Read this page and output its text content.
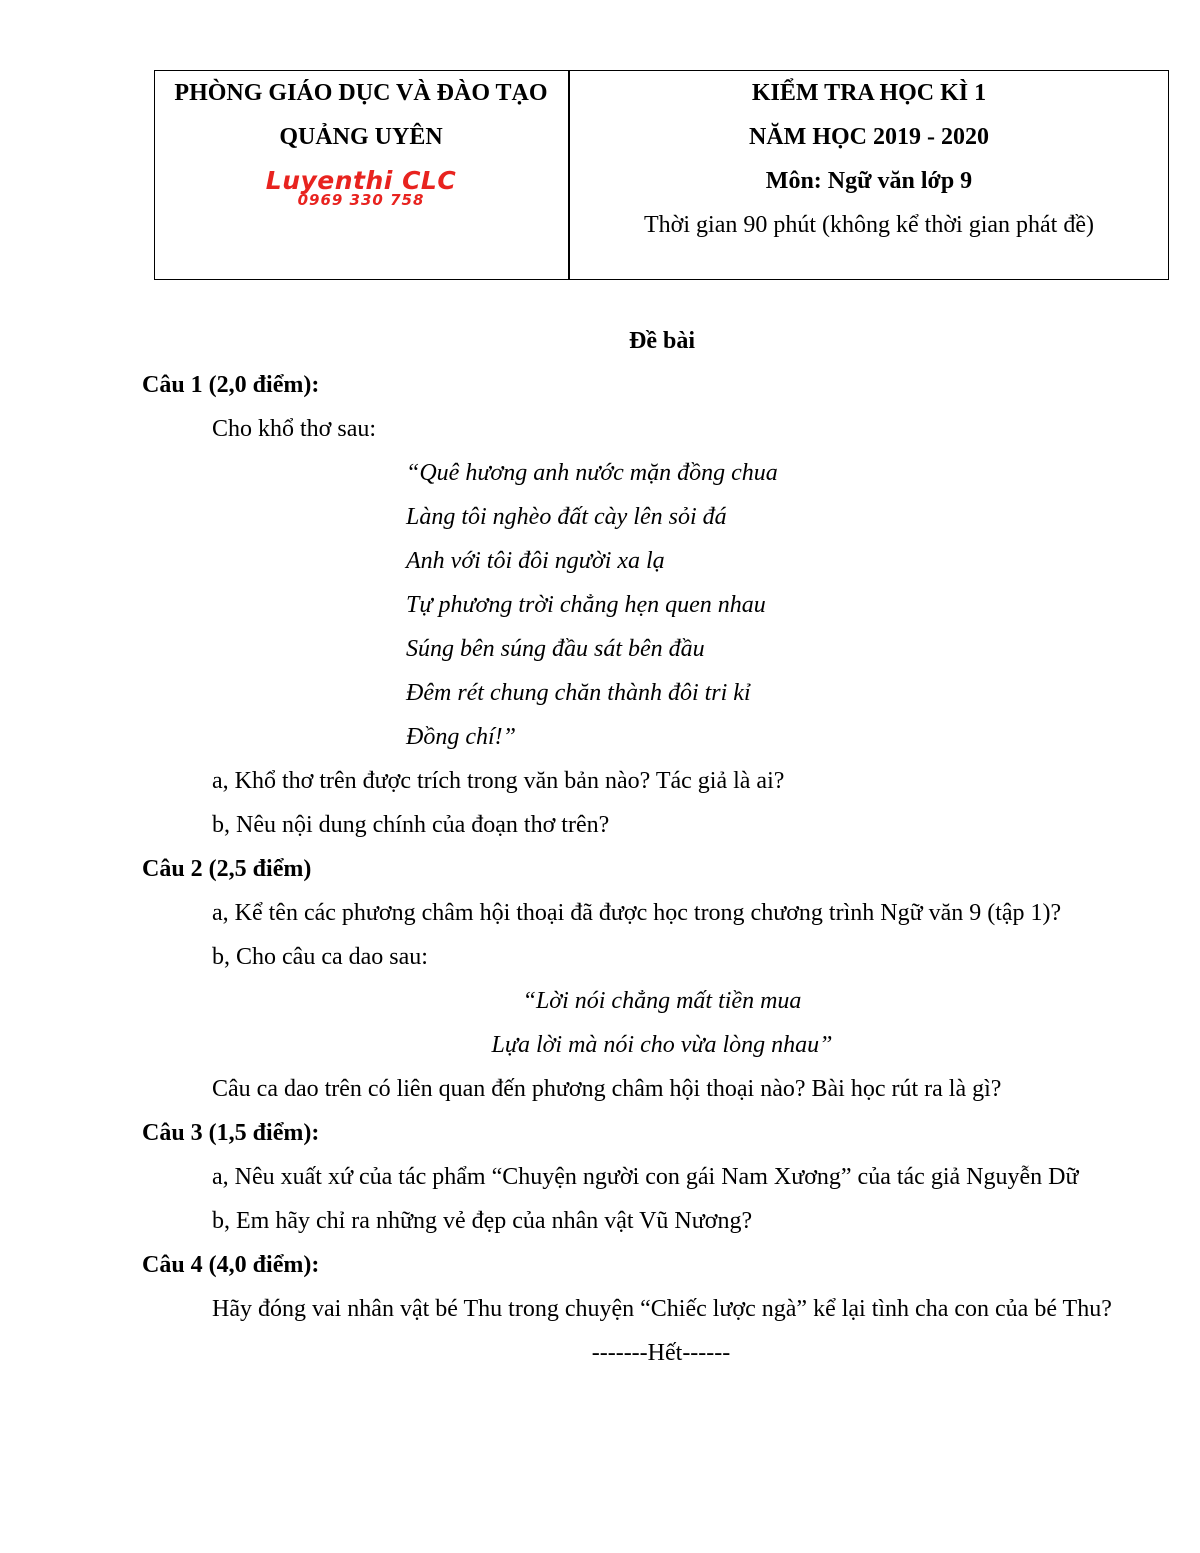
PHÒNG GIÁO DỤC VÀ ĐÀO TẠO
QUẢNG UYÊN
Luyenthi CLC
0969 330 758
KIỂM TRA HỌC KÌ 1
NĂM HỌC 2019 - 2020
Môn: Ngữ văn lớp 9
Thời gian 90 phút (không kể thời gian phát đề)
Đề bài
Câu 1 (2,0 điểm):
Cho khổ thơ sau:
“Quê hương anh nước mặn đồng chua
Làng tôi nghèo đất cày lên sỏi đá
Anh với tôi đôi người xa lạ
Tự phương trời chẳng hẹn quen nhau
Súng bên súng đầu sát bên đầu
Đêm rét chung chăn thành đôi tri kỉ
Đồng chí!”
a, Khổ thơ trên được trích trong văn bản nào? Tác giả là ai?
b, Nêu nội dung chính của đoạn thơ trên?
Câu 2 (2,5 điểm)
a, Kể tên các phương châm hội thoại đã được học trong chương trình Ngữ văn 9 (tập 1)?
b, Cho câu ca dao sau:
“Lời nói chẳng mất tiền mua
Lựa lời mà nói cho vừa lòng nhau”
Câu ca dao trên có liên quan đến phương châm hội thoại nào? Bài học rút ra là gì?
Câu 3 (1,5 điểm):
a, Nêu xuất xứ của tác phẩm “Chuyện người con gái Nam Xương” của tác giả Nguyễn Dữ
b, Em hãy chỉ ra những vẻ đẹp của nhân vật Vũ Nương?
Câu 4 (4,0 điểm):
Hãy đóng vai nhân vật bé Thu trong chuyện “Chiếc lược ngà” kể lại tình cha con của bé Thu?
-------Hết------
